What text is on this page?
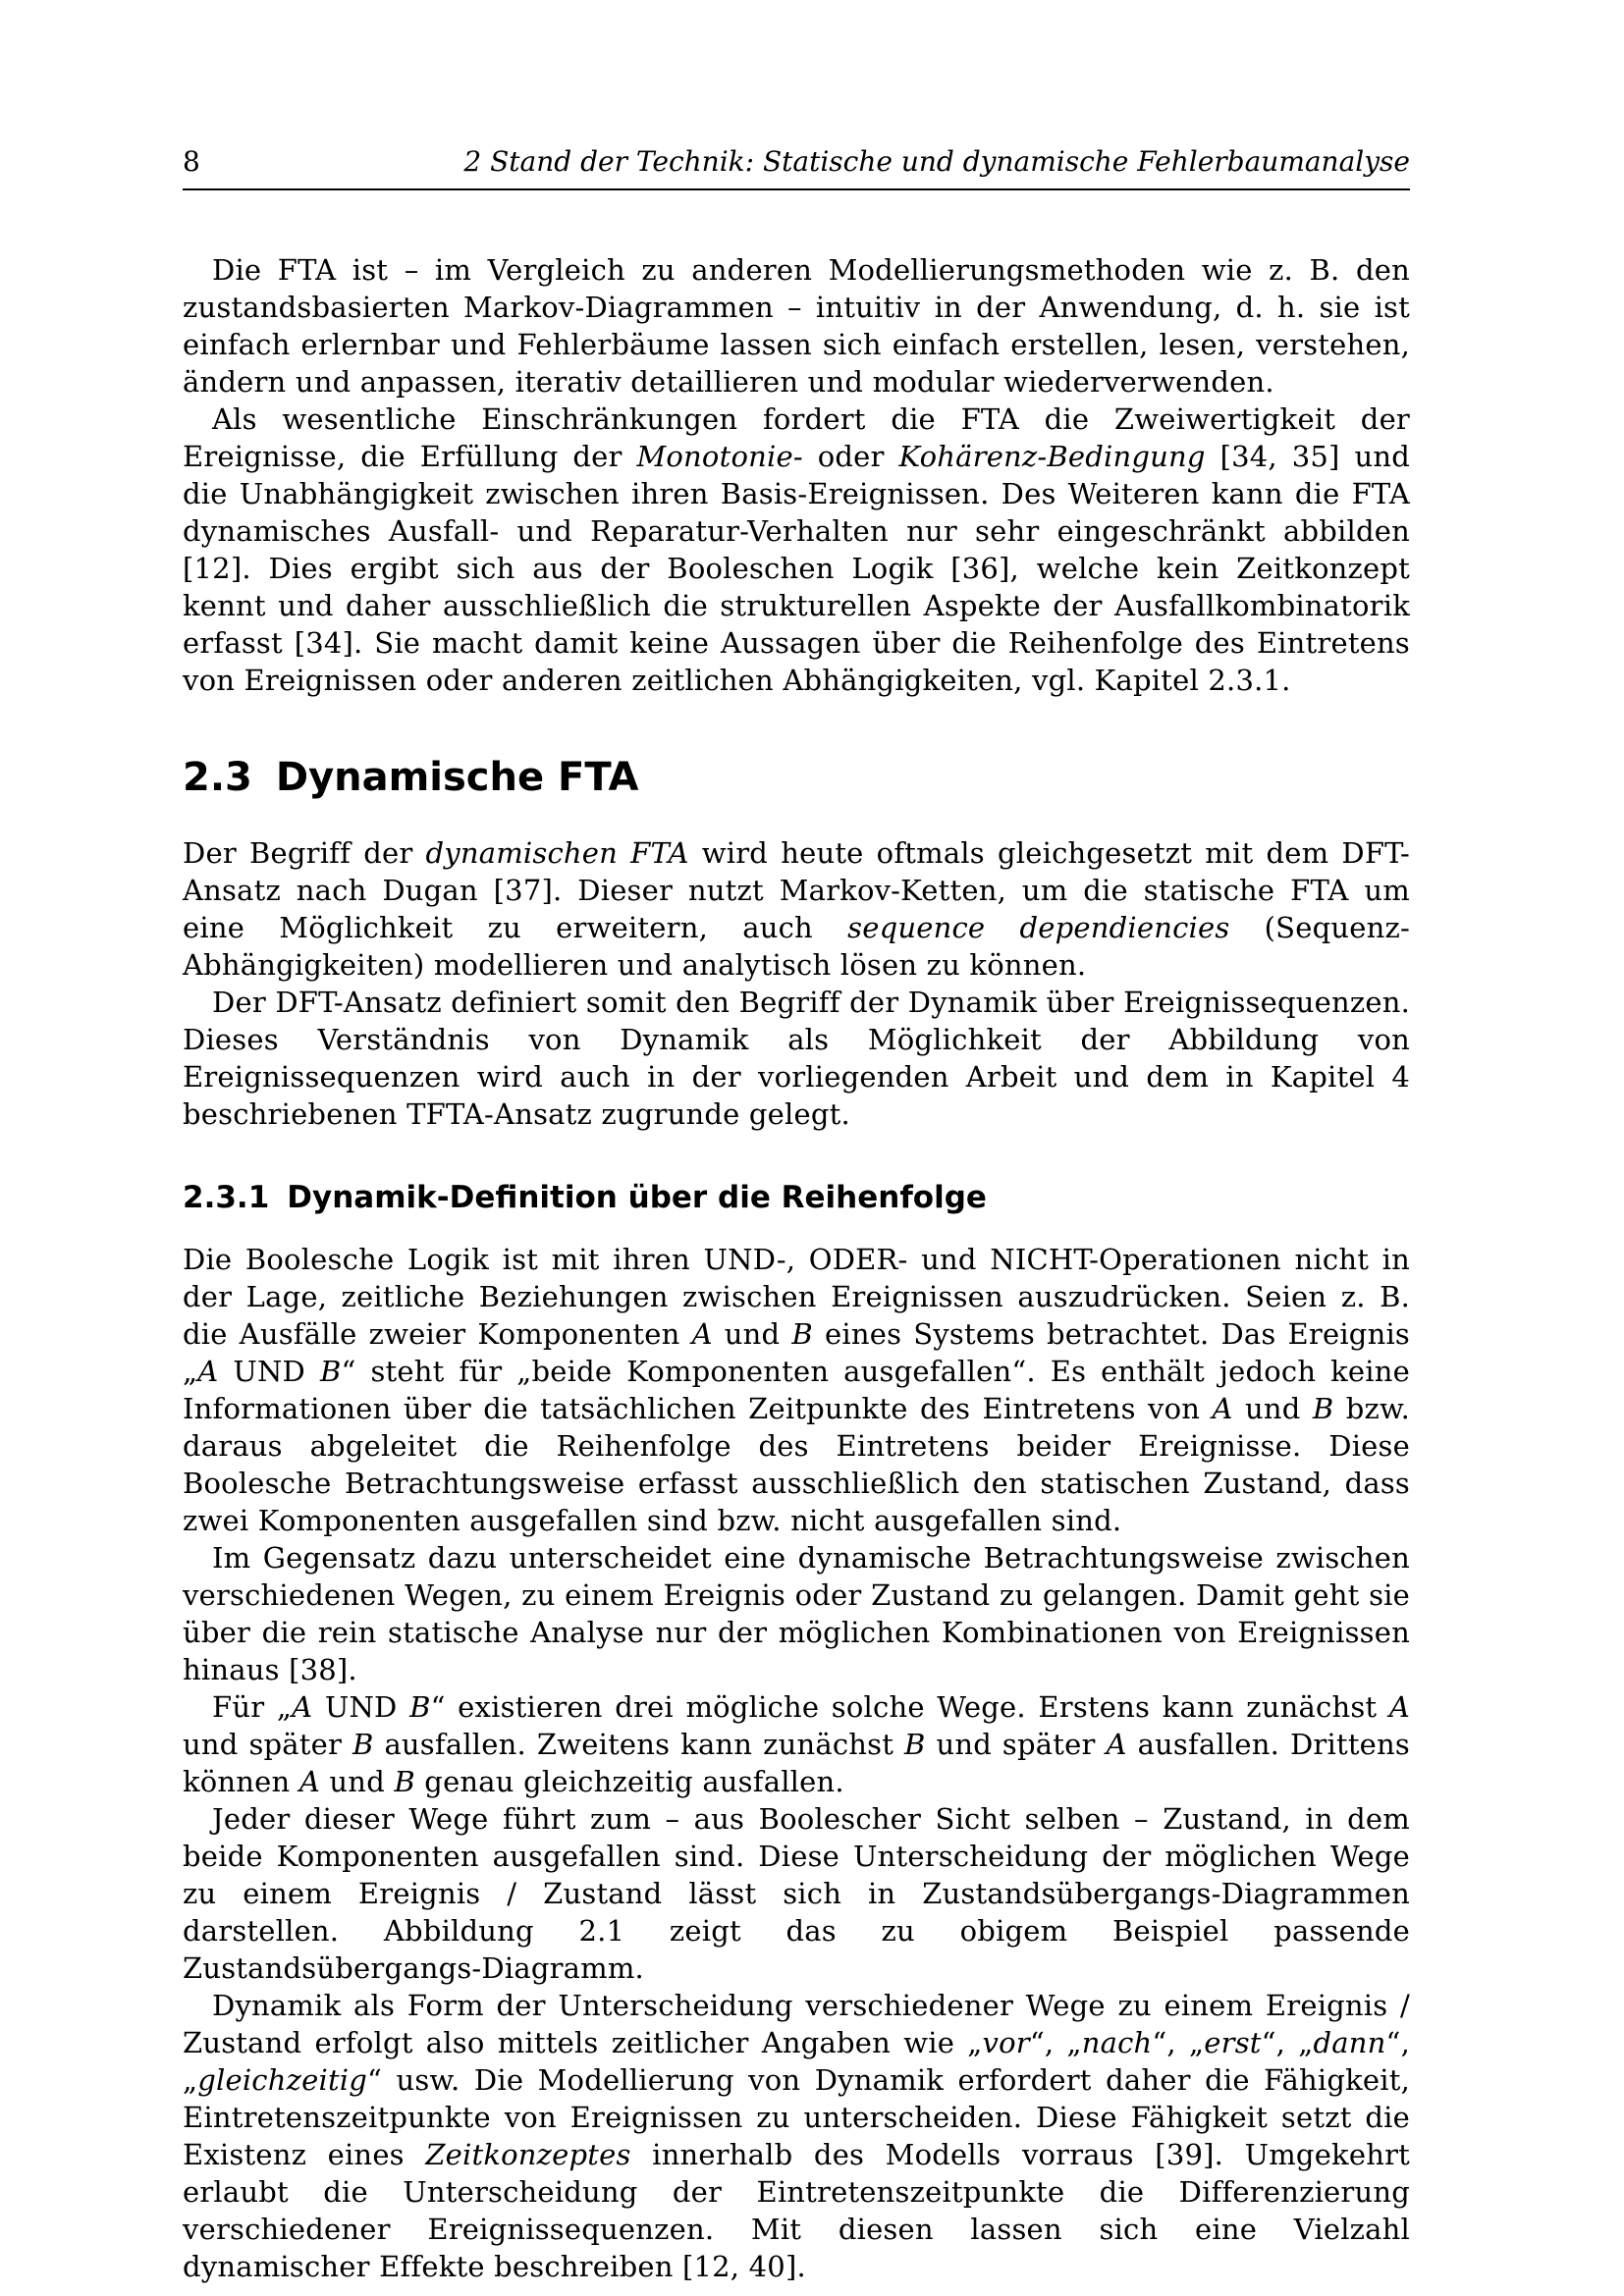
8	2 Stand der Technik: Statische und dynamische Fehlerbaumanalyse

Die FTA ist – im Vergleich zu anderen Modellierungsmethoden wie z. B. den zustandsbasierten Markov-Diagrammen – intuitiv in der Anwendung, d. h. sie ist einfach erlernbar und Fehlerbäume lassen sich einfach erstellen, lesen, verstehen, ändern und anpassen, iterativ detaillieren und modular wiederverwenden.

Als wesentliche Einschränkungen fordert die FTA die Zweiwertigkeit der Ereignisse, die Erfüllung der Monotonie- oder Kohärenz-Bedingung [34, 35] und die Unabhängigkeit zwischen ihren Basis-Ereignissen. Des Weiteren kann die FTA dynamisches Ausfall- und Reparatur-Verhalten nur sehr eingeschränkt abbilden [12]. Dies ergibt sich aus der Booleschen Logik [36], welche kein Zeitkonzept kennt und daher ausschließlich die strukturellen Aspekte der Ausfallkombinatorik erfasst [34]. Sie macht damit keine Aussagen über die Reihenfolge des Eintretens von Ereignissen oder anderen zeitlichen Abhängigkeiten, vgl. Kapitel 2.3.1.

2.3 Dynamische FTA

Der Begriff der dynamischen FTA wird heute oftmals gleichgesetzt mit dem DFT-Ansatz nach Dugan [37]. Dieser nutzt Markov-Ketten, um die statische FTA um eine Möglichkeit zu erweitern, auch sequence dependiencies (Sequenz-Abhängigkeiten) modellieren und analytisch lösen zu können.

Der DFT-Ansatz definiert somit den Begriff der Dynamik über Ereignissequenzen. Dieses Verständnis von Dynamik als Möglichkeit der Abbildung von Ereignissequenzen wird auch in der vorliegenden Arbeit und dem in Kapitel 4 beschriebenen TFTA-Ansatz zugrunde gelegt.

2.3.1 Dynamik-Definition über die Reihenfolge

Die Boolesche Logik ist mit ihren UND-, ODER- und NICHT-Operationen nicht in der Lage, zeitliche Beziehungen zwischen Ereignissen auszudrücken. Seien z. B. die Ausfälle zweier Komponenten A und B eines Systems betrachtet. Das Ereignis „A UND B“ steht für „beide Komponenten ausgefallen“. Es enthält jedoch keine Informationen über die tatsächlichen Zeitpunkte des Eintretens von A und B bzw. daraus abgeleitet die Reihenfolge des Eintretens beider Ereignisse. Diese Boolesche Betrachtungsweise erfasst ausschließlich den statischen Zustand, dass zwei Komponenten ausgefallen sind bzw. nicht ausgefallen sind.

Im Gegensatz dazu unterscheidet eine dynamische Betrachtungsweise zwischen verschiedenen Wegen, zu einem Ereignis oder Zustand zu gelangen. Damit geht sie über die rein statische Analyse nur der möglichen Kombinationen von Ereignissen hinaus [38].

Für „A UND B“ existieren drei mögliche solche Wege. Erstens kann zunächst A und später B ausfallen. Zweitens kann zunächst B und später A ausfallen. Drittens können A und B genau gleichzeitig ausfallen.

Jeder dieser Wege führt zum – aus Boolescher Sicht selben – Zustand, in dem beide Komponenten ausgefallen sind. Diese Unterscheidung der möglichen Wege zu einem Ereignis / Zustand lässt sich in Zustandsübergangs-Diagrammen darstellen. Abbildung 2.1 zeigt das zu obigem Beispiel passende Zustandsübergangs-Diagramm.

Dynamik als Form der Unterscheidung verschiedener Wege zu einem Ereignis / Zustand erfolgt also mittels zeitlicher Angaben wie „vor“, „nach“, „erst“, „dann“, „gleichzeitig“ usw. Die Modellierung von Dynamik erfordert daher die Fähigkeit, Eintretenszeitpunkte von Ereignissen zu unterscheiden. Diese Fähigkeit setzt die Existenz eines Zeitkonzeptes innerhalb des Modells vorraus [39]. Umgekehrt erlaubt die Unterscheidung der Eintretenszeitpunkte die Differenzierung verschiedener Ereignissequenzen. Mit diesen lassen sich eine Vielzahl dynamischer Effekte beschreiben [12, 40].
